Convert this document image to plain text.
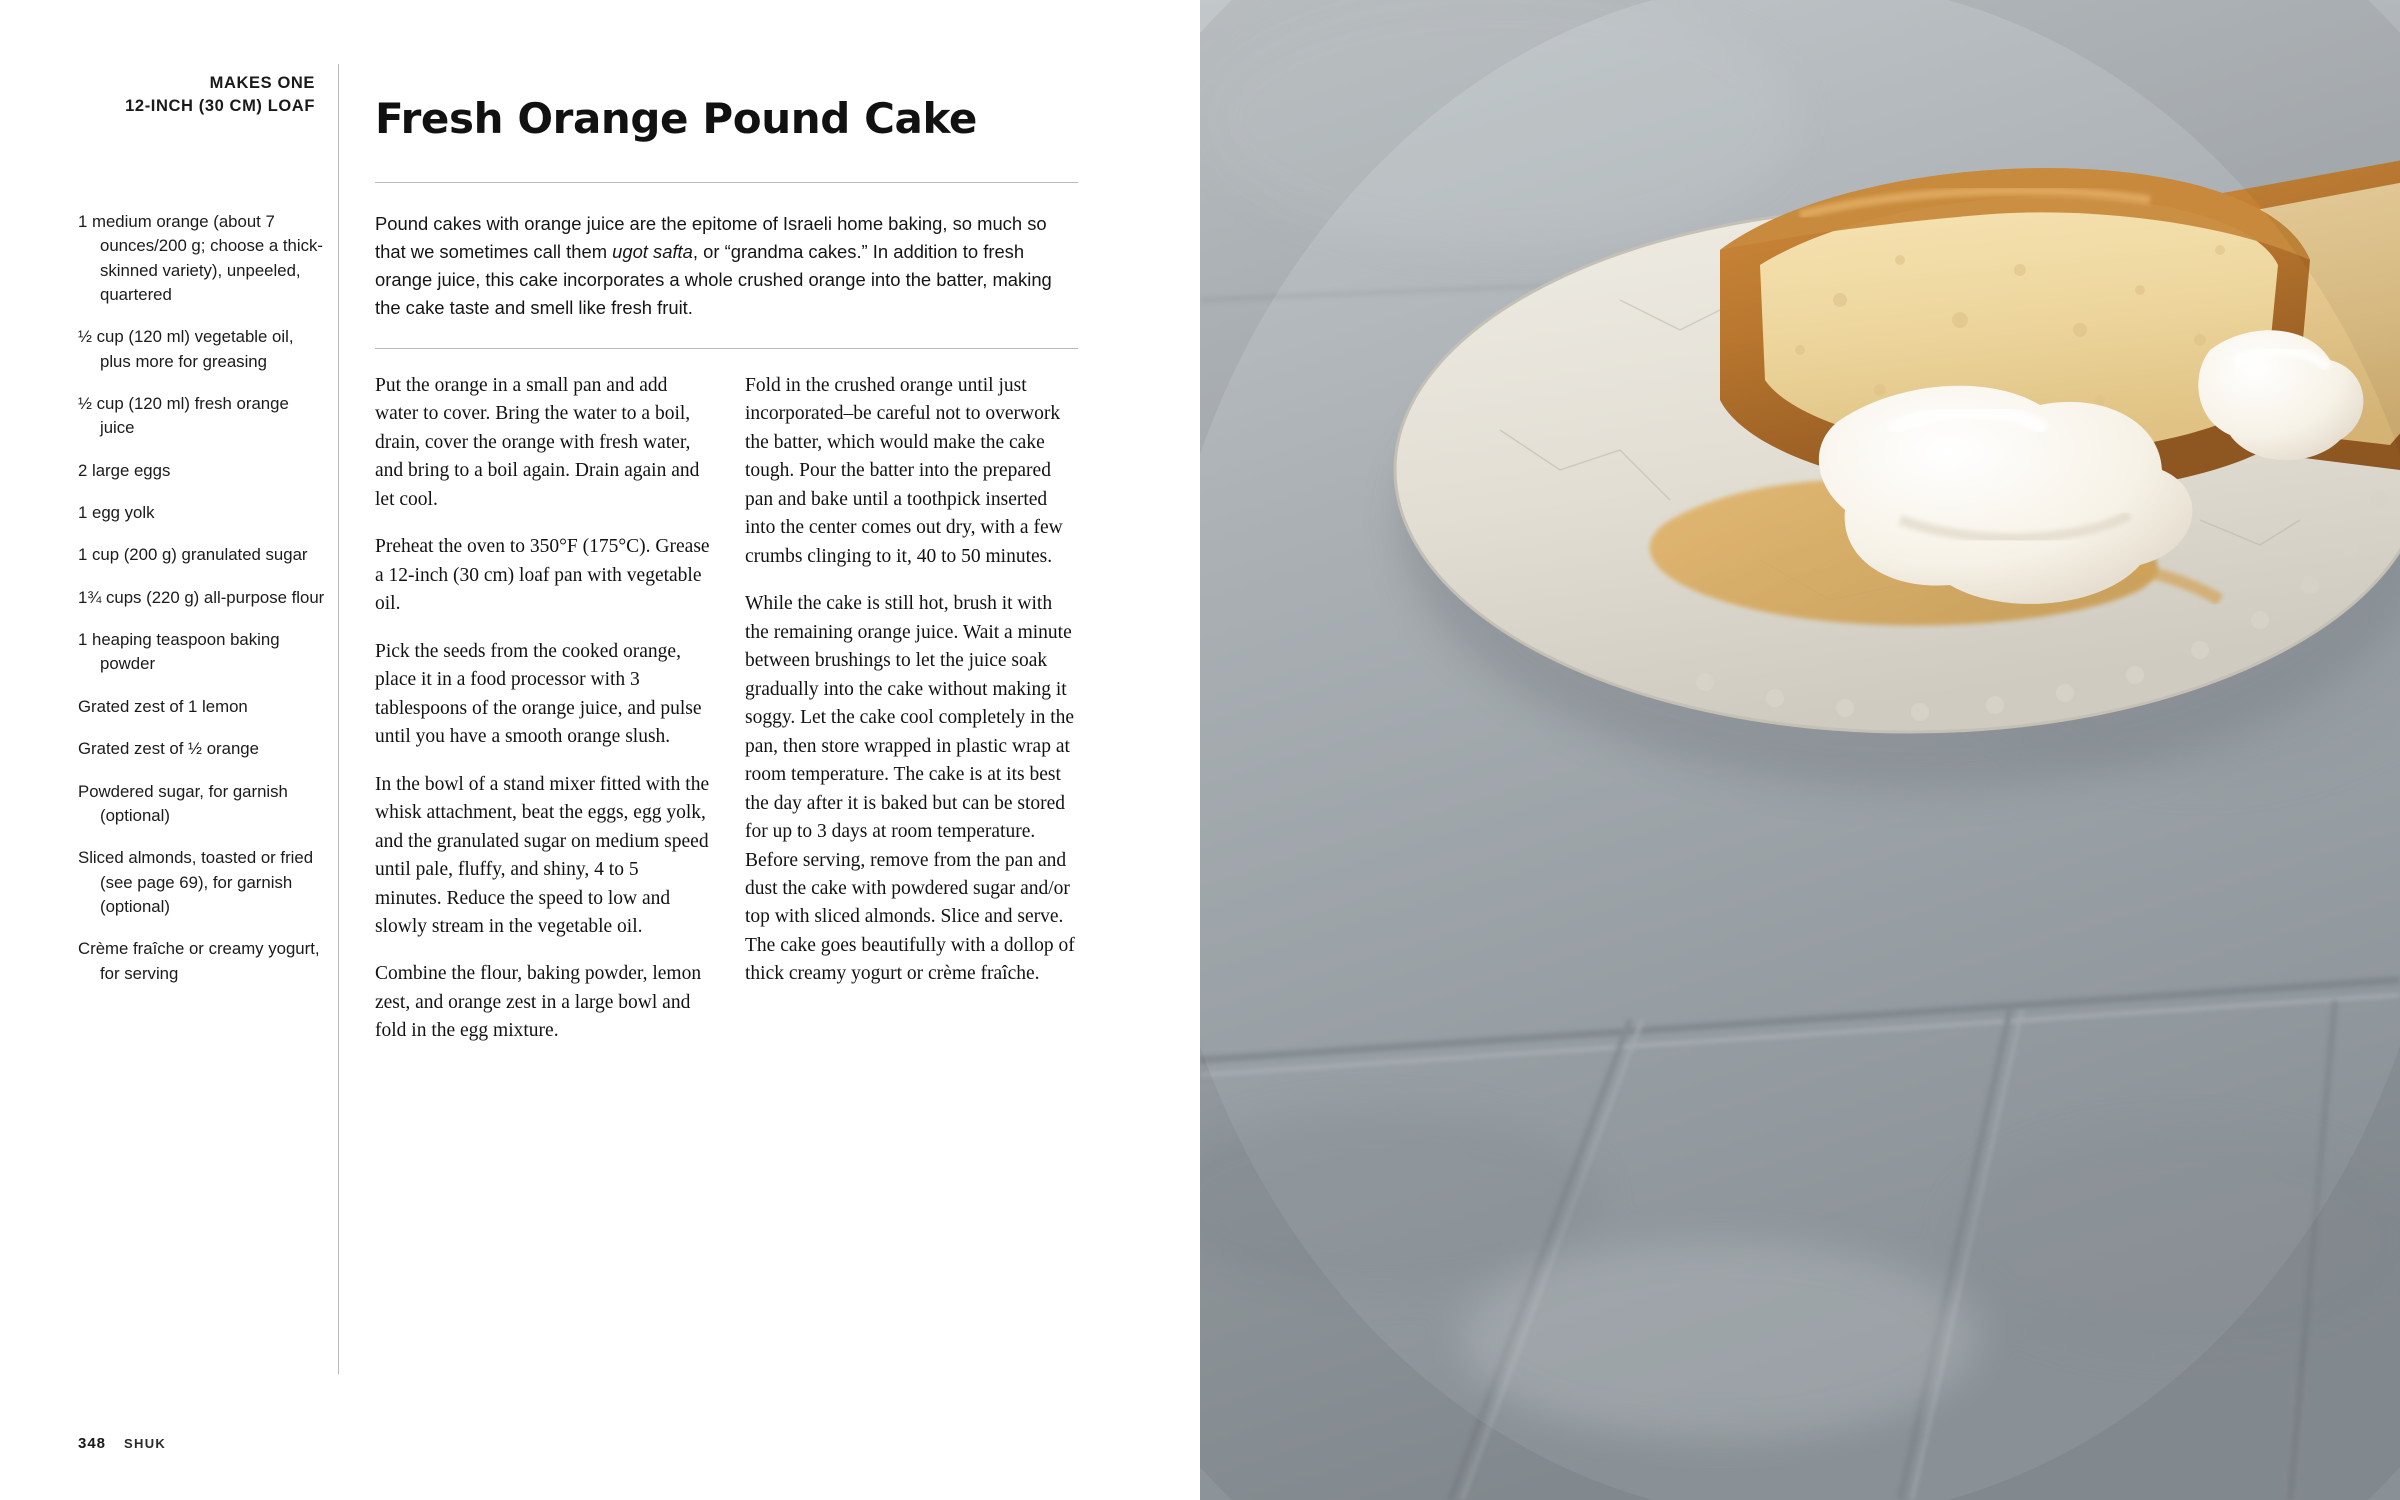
MAKES ONE
12-INCH (30 CM) LOAF
1 medium orange (about 7 ounces/200 g; choose a thick-skinned variety), unpeeled, quartered
½ cup (120 ml) vegetable oil, plus more for greasing
½ cup (120 ml) fresh orange juice
2 large eggs
1 egg yolk
1 cup (200 g) granulated sugar
1¾ cups (220 g) all-purpose flour
1 heaping teaspoon baking powder
Grated zest of 1 lemon
Grated zest of ½ orange
Powdered sugar, for garnish (optional)
Sliced almonds, toasted or fried (see page 69), for garnish (optional)
Crème fraîche or creamy yogurt, for serving
Fresh Orange Pound Cake
Pound cakes with orange juice are the epitome of Israeli home baking, so much so that we sometimes call them ugot safta, or “grandma cakes.” In addition to fresh orange juice, this cake incorporates a whole crushed orange into the batter, making the cake taste and smell like fresh fruit.

Put the orange in a small pan and add water to cover. Bring the water to a boil, drain, cover the orange with fresh water, and bring to a boil again. Drain again and let cool.

Preheat the oven to 350°F (175°C). Grease a 12-inch (30 cm) loaf pan with vegetable oil.

Pick the seeds from the cooked orange, place it in a food processor with 3 tablespoons of the orange juice, and pulse until you have a smooth orange slush.

In the bowl of a stand mixer fitted with the whisk attachment, beat the eggs, egg yolk, and the granulated sugar on medium speed until pale, fluffy, and shiny, 4 to 5 minutes. Reduce the speed to low and slowly stream in the vegetable oil.

Combine the flour, baking powder, lemon zest, and orange zest in a large bowl and fold in the egg mixture.

Fold in the crushed orange until just incorporated–be careful not to overwork the batter, which would make the cake tough. Pour the batter into the prepared pan and bake until a toothpick inserted into the center comes out dry, with a few crumbs clinging to it, 40 to 50 minutes.

While the cake is still hot, brush it with the remaining orange juice. Wait a minute between brushings to let the juice soak gradually into the cake without making it soggy. Let the cake cool completely in the pan, then store wrapped in plastic wrap at room temperature. The cake is at its best the day after it is baked but can be stored for up to 3 days at room temperature. Before serving, remove from the pan and dust the cake with powdered sugar and/or top with sliced almonds. Slice and serve. The cake goes beautifully with a dollop of thick creamy yogurt or crème fraîche.

348 SHUK
